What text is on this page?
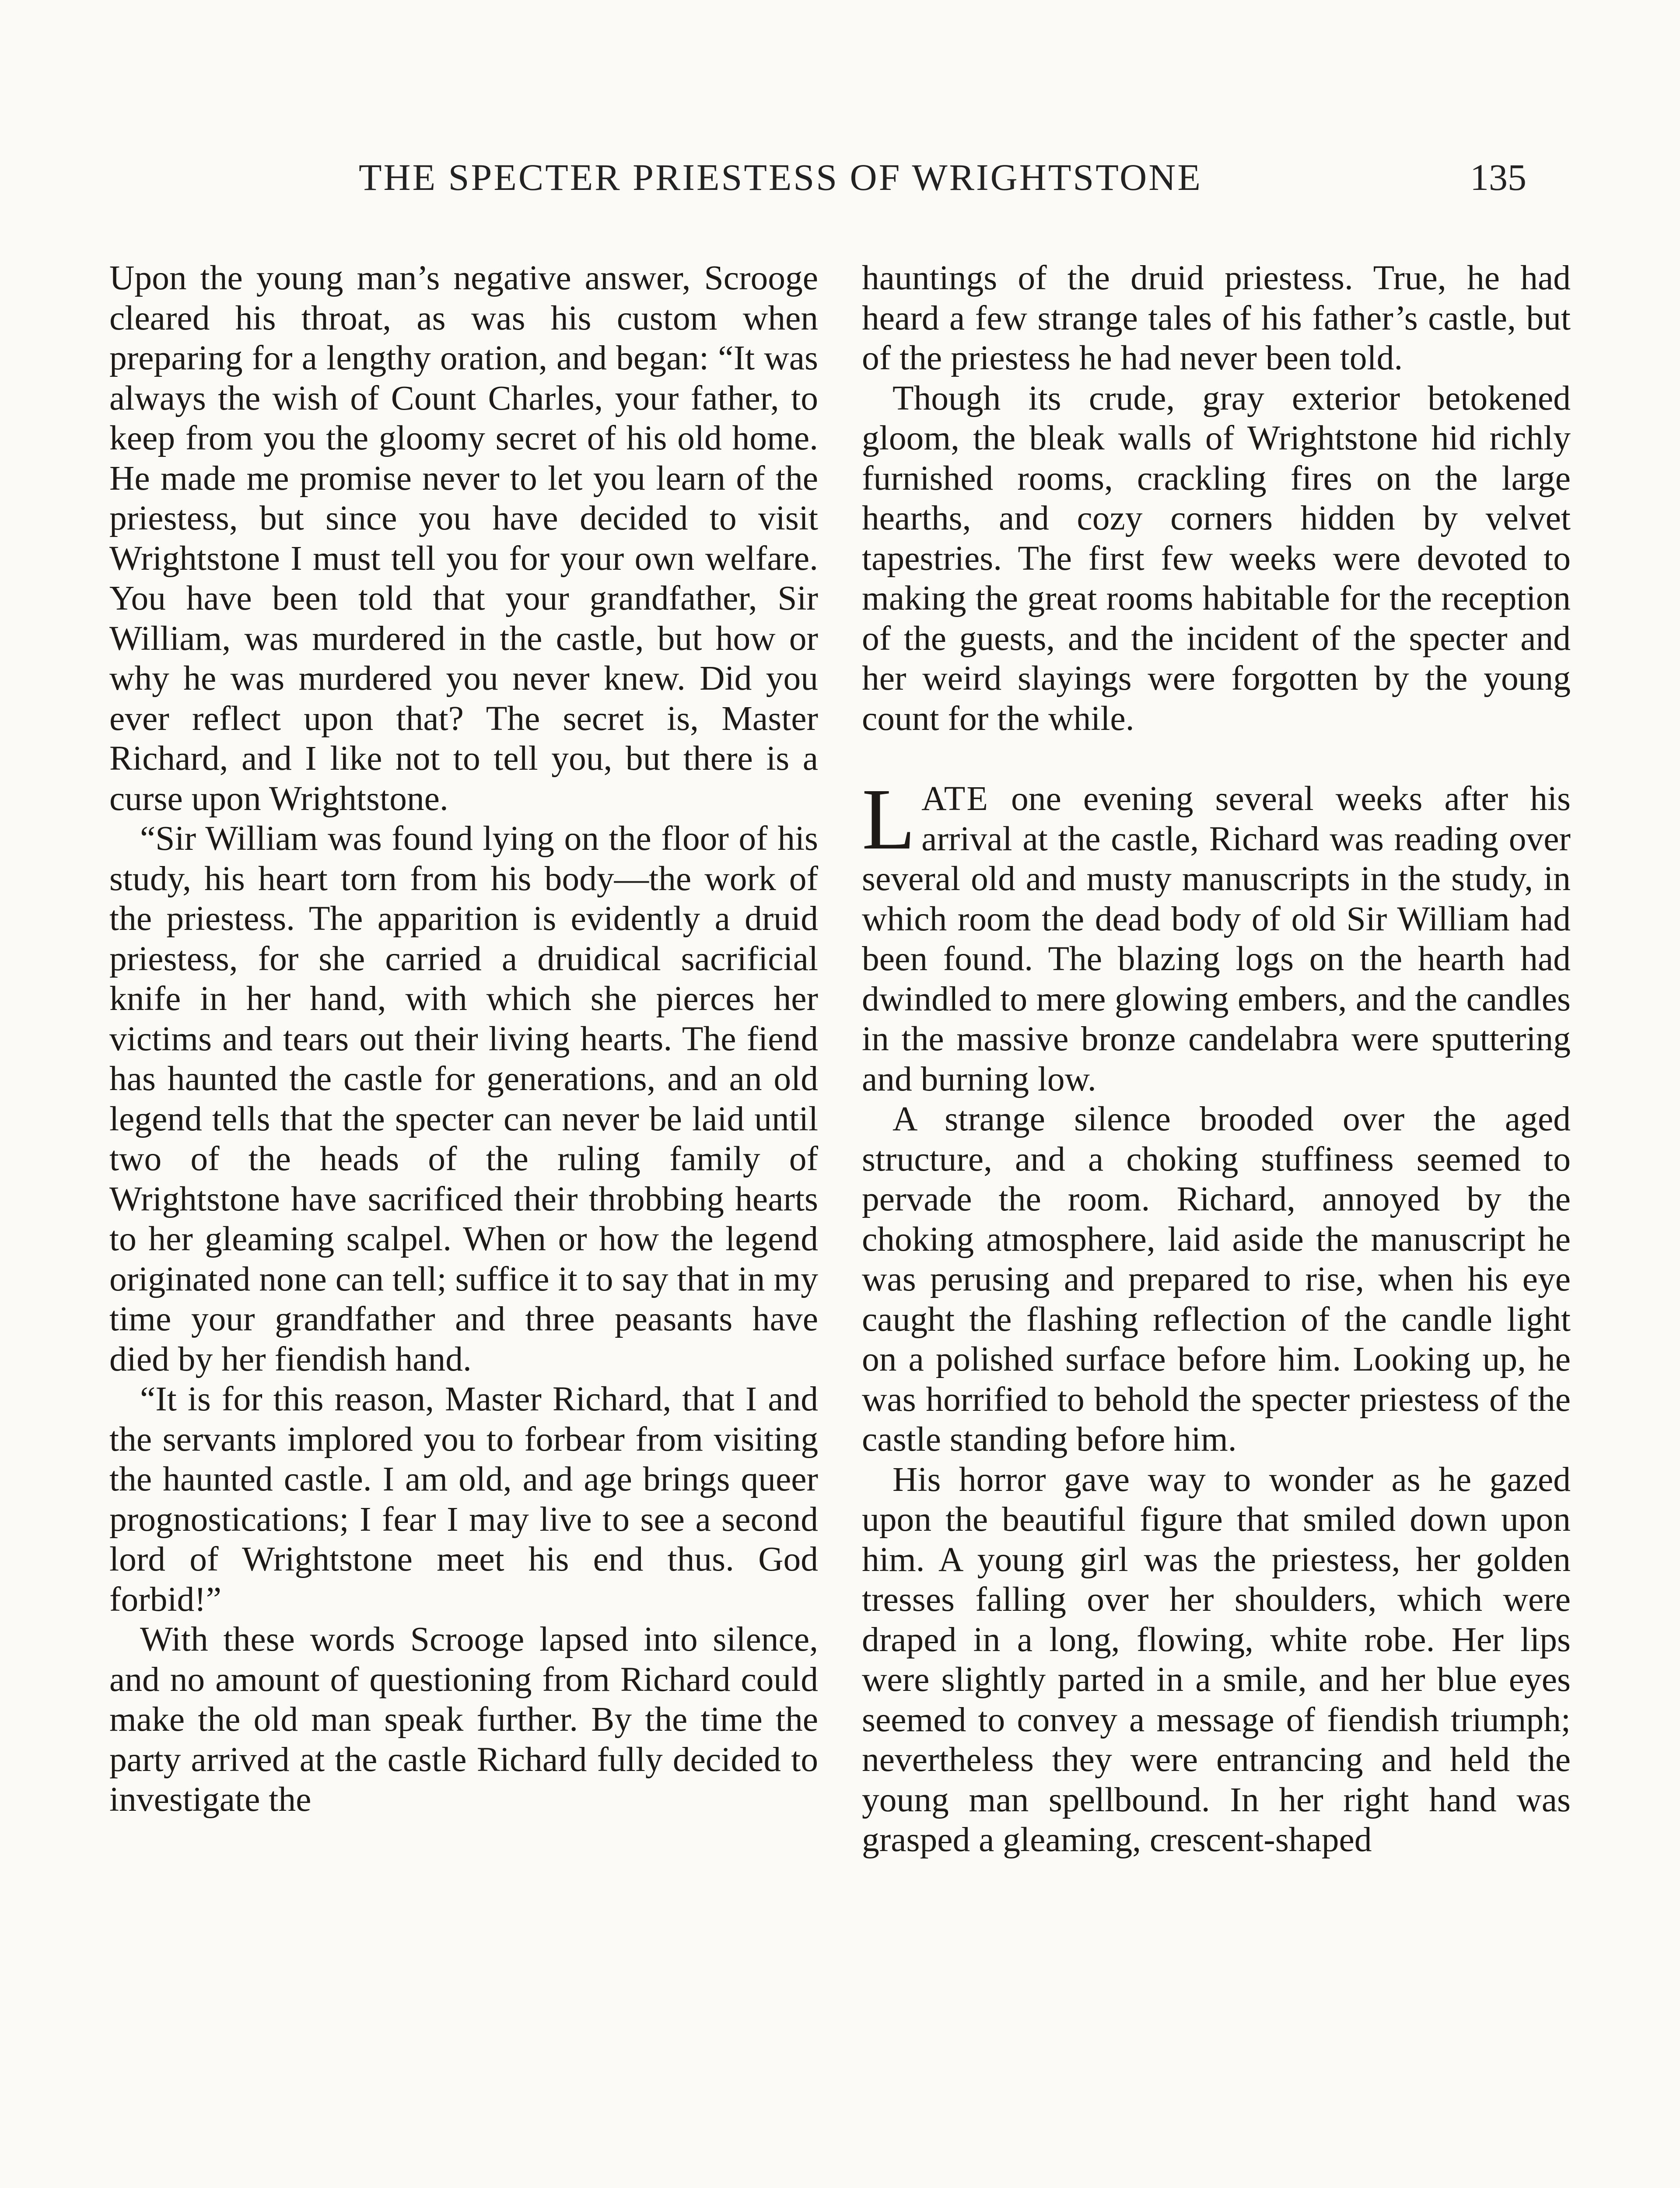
THE SPECTER PRIESTESS OF WRIGHTSTONE	135

Upon the young man’s negative answer, Scrooge cleared his throat, as was his custom when preparing for a lengthy oration, and began: “It was always the wish of Count Charles, your father, to keep from you the gloomy secret of his old home. He made me promise never to let you learn of the priestess, but since you have decided to visit Wrightstone I must tell you for your own welfare. You have been told that your grandfather, Sir William, was murdered in the castle, but how or why he was murdered you never knew. Did you ever reflect upon that? The secret is, Master Richard, and I like not to tell you, but there is a curse upon Wrightstone.

“Sir William was found lying on the floor of his study, his heart torn from his body—the work of the priestess. The apparition is evidently a druid priestess, for she carried a druidical sacrificial knife in her hand, with which she pierces her victims and tears out their living hearts. The fiend has haunted the castle for generations, and an old legend tells that the specter can never be laid until two of the heads of the ruling family of Wrightstone have sacrificed their throbbing hearts to her gleaming scalpel. When or how the legend originated none can tell; suffice it to say that in my time your grandfather and three peasants have died by her fiendish hand.

“It is for this reason, Master Richard, that I and the servants implored you to forbear from visiting the haunted castle. I am old, and age brings queer prognostications; I fear I may live to see a second lord of Wrightstone meet his end thus. God forbid!”

With these words Scrooge lapsed into silence, and no amount of questioning from Richard could make the old man speak further. By the time the party arrived at the castle Richard fully decided to investigate the

hauntings of the druid priestess. True, he had heard a few strange tales of his father’s castle, but of the priestess he had never been told.

Though its crude, gray exterior betokened gloom, the bleak walls of Wrightstone hid richly furnished rooms, crackling fires on the large hearths, and cozy corners hidden by velvet tapestries. The first few weeks were devoted to making the great rooms habitable for the reception of the guests, and the incident of the specter and her weird slayings were forgotten by the young count for the while.

LATE one evening several weeks after his arrival at the castle, Richard was reading over several old and musty manuscripts in the study, in which room the dead body of old Sir William had been found. The blazing logs on the hearth had dwindled to mere glowing embers, and the candles in the massive bronze candelabra were sputtering and burning low.

A strange silence brooded over the aged structure, and a choking stuffiness seemed to pervade the room. Richard, annoyed by the choking atmosphere, laid aside the manuscript he was perusing and prepared to rise, when his eye caught the flashing reflection of the candle light on a polished surface before him. Looking up, he was horrified to behold the specter priestess of the castle standing before him.

His horror gave way to wonder as he gazed upon the beautiful figure that smiled down upon him. A young girl was the priestess, her golden tresses falling over her shoulders, which were draped in a long, flowing, white robe. Her lips were slightly parted in a smile, and her blue eyes seemed to convey a message of fiendish triumph; nevertheless they were entrancing and held the young man spellbound. In her right hand was grasped a gleaming, crescent-shaped
